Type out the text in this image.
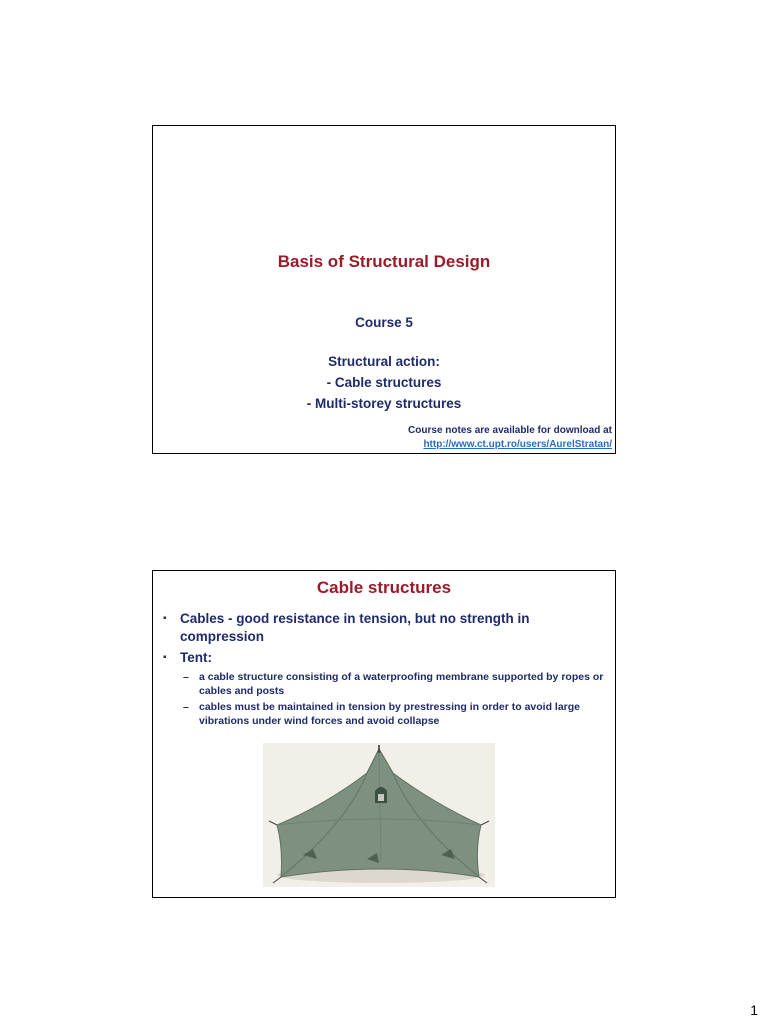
Basis of Structural Design
Course 5
Structural action:
- Cable structures
- Multi-storey structures
Course notes are available for download at
http://www.ct.upt.ro/users/AurelStratan/
Cable structures
▪ Cables - good resistance in tension, but no strength in compression
▪ Tent:
– a cable structure consisting of a waterproofing membrane supported by ropes or cables and posts
– cables must be maintained in tension by prestressing in order to avoid large vibrations under wind forces and avoid collapse
1
